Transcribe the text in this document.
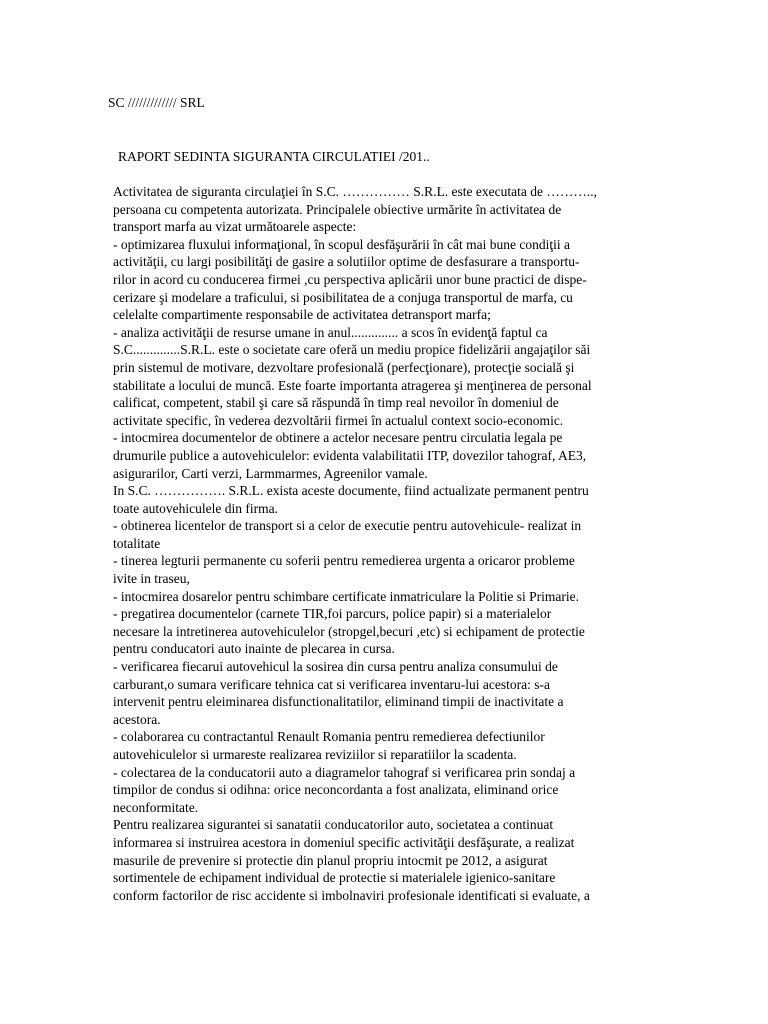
SC ///////////// SRL
RAPORT SEDINTA SIGURANTA CIRCULATIEI /201..
Activitatea de siguranta circulaţiei în S.C. …………… S.R.L. este executata de ………..,
persoana cu competenta autorizata. Principalele obiective urmărite în activitatea de
transport marfa au vizat următoarele aspecte:
- optimizarea fluxului informaţional, în scopul desfăşurării în cât mai bune condiţii a
activităţii, cu largi posibilităţi de gasire a solutiilor optime de desfasurare a transportu-
rilor in acord cu conducerea firmei ,cu perspectiva aplicării unor bune practici de dispe-
cerizare şi modelare a traficului, si posibilitatea de a conjuga transportul de marfa, cu
celelalte compartimente responsabile de activitatea detransport marfa;
- analiza activităţii de resurse umane in anul.............. a scos în evidenţă faptul ca
S.C..............S.R.L. este o societate care oferă un mediu propice fidelizării angajaţilor săi
prin sistemul de motivare, dezvoltare profesională (perfecţionare), protecţie socială şi
stabilitate a locului de muncă. Este foarte importanta atragerea şi menţinerea de personal
calificat, competent, stabil şi care să răspundă în timp real nevoilor în domeniul de
activitate specific, în vederea dezvoltării firmei în actualul context socio-economic.
- intocmirea documentelor de obtinere a actelor necesare pentru circulatia legala pe
drumurile publice a autovehiculelor: evidenta valabilitatii ITP, dovezilor tahograf, AE3,
asigurarilor, Carti verzi, Larmmarmes, Agreenilor vamale.
In S.C. ……………. S.R.L. exista aceste documente, fiind actualizate permanent pentru
toate autovehiculele din firma.
- obtinerea licentelor de transport si a celor de executie pentru autovehicule- realizat in
totalitate
- tinerea legturii permanente cu soferii pentru remedierea urgenta a oricaror probleme
ivite in traseu,
- intocmirea dosarelor pentru schimbare certificate inmatriculare la Politie si Primarie.
- pregatirea documentelor (carnete TIR,foi parcurs, police papir) si a materialelor
necesare la intretinerea autovehiculelor (stropgel,becuri ,etc) si echipament de protectie
pentru conducatori auto inainte de plecarea in cursa.
- verificarea fiecarui autovehicul la sosirea din cursa pentru analiza consumului de
carburant,o sumara verificare tehnica cat si verificarea inventaru-lui acestora: s-a
intervenit pentru eleiminarea disfunctionalitatilor, eliminand timpii de inactivitate a
acestora.
- colaborarea cu contractantul Renault Romania pentru remedierea defectiunilor
autovehiculelor si urmareste realizarea reviziilor si reparatiilor la scadenta.
- colectarea de la conducatorii auto a diagramelor tahograf si verificarea prin sondaj a
timpilor de condus si odihna: orice neconcordanta a fost analizata, eliminand orice
neconformitate.
Pentru realizarea sigurantei si sanatatii conducatorilor auto, societatea a continuat
informarea si instruirea acestora in domeniul specific activităţii desfăşurate, a realizat
masurile de prevenire si protectie din planul propriu intocmit pe 2012, a asigurat
sortimentele de echipament individual de protectie si materialele igienico-sanitare
conform factorilor de risc accidente si imbolnaviri profesionale identificati si evaluate, a
